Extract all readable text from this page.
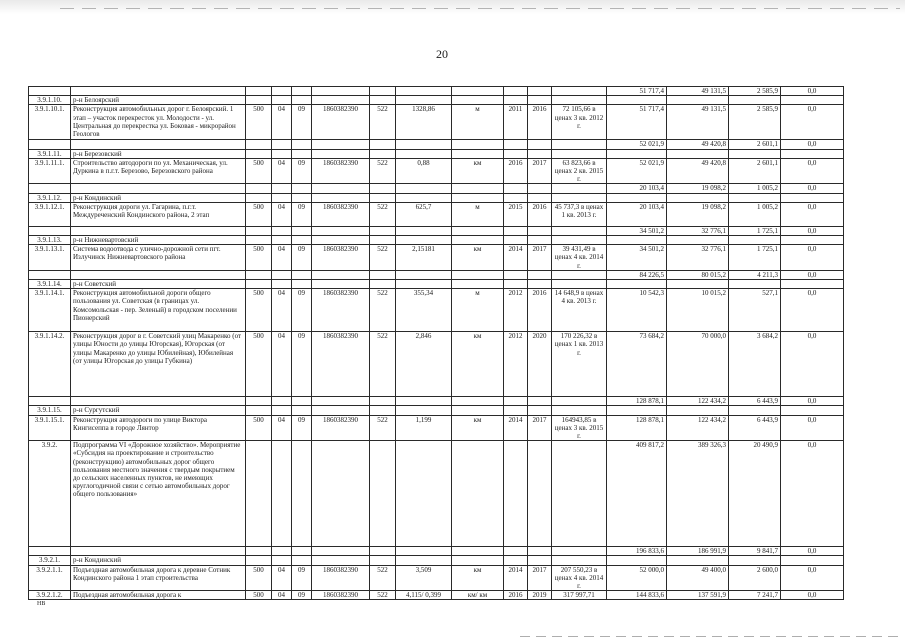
20
												51 717,4	49 131,5	2 585,9	0,0
3.9.1.10.	р-н Белоярский														
3.9.1.10.1.	Реконструкция автомобильных дорог г. Белоярский. 1 этап – участок перекресток ул. Молодости - ул. Центральная до перекрестка ул. Боковая - микрорайон Геологов	500	04	09	1860382390	522	1328,86	м	2011	2016	72 105,66 в ценах 3 кв. 2012 г.	51 717,4	49 131,5	2 585,9	0,0
												52 021,9	49 420,8	2 601,1	0,0
3.9.1.11.	р-н Березовский														
3.9.1.11.1.	Строительство автодороги по ул. Механическая, ул. Дуркина в п.г.т. Березово, Березовского района	500	04	09	1860382390	522	0,88	км	2016	2017	63 823,66 в ценах 2 кв. 2015 г.	52 021,9	49 420,8	2 601,1	0,0
												20 103,4	19 098,2	1 005,2	0,0
3.9.1.12.	р-н Кондинский														
3.9.1.12.1.	Реконструкция дороги ул. Гагарина, п.г.т. Междуреченский Кондинского района, 2 этап	500	04	09	1860382390	522	625,7	м	2015	2016	45 737,3 в ценах 1 кв. 2013 г.	20 103,4	19 098,2	1 005,2	0,0
												34 501,2	32 776,1	1 725,1	0,0
3.9.1.13.	р-н Нижневартовский														
3.9.1.13.1.	Система водоотвода с улично-дорожной сети пгт. Излучинск Нижневартовского района	500	04	09	1860382390	522	2,15181	км	2014	2017	39 431,49 в ценах 4 кв. 2014 г.	34 501,2	32 776,1	1 725,1	0,0
												84 226,5	80 015,2	4 211,3	0,0
3.9.1.14.	р-н Советский														
3.9.1.14.1.	Реконструкция автомобильной дороги общего пользования ул. Советская (в границах ул. Комсомольская - пер. Зеленый) в городском поселении Пионерский	500	04	09	1860382390	522	355,34	м	2012	2016	14 648,9 в ценах 4 кв. 2013 г.	10 542,3	10 015,2	527,1	0,0
3.9.1.14.2.	Реконструкция дорог в г. Советский улиц Макаренко (от улицы Юности до улицы Югорская), Югорская (от улицы Макаренко до улицы Юбилейная), Юбилейная (от улицы Югорская до улицы Губкина)	500	04	09	1860382390	522	2,846	км	2012	2020	170 226,32 в ценах 1 кв. 2013 г.	73 684,2	70 000,0	3 684,2	0,0
												128 878,1	122 434,2	6 443,9	0,0
3.9.1.15.	р-н Сургутский														
3.9.1.15.1.	Реконструкция автодороги по улице Виктора Кингисеппа в городе Лянтор	500	04	09	1860382390	522	1,199	км	2014	2017	164943,85 в ценах 3 кв. 2015 г.	128 878,1	122 434,2	6 443,9	0,0
3.9.2.	Подпрограмма VI «Дорожное хозяйство». Мероприятие «Субсидия на проектирование и строительство (реконструкцию) автомобильных дорог общего пользования местного значения с твердым покрытием до сельских населенных пунктов, не имеющих круглогодичной связи с сетью автомобильных дорог общего пользования»											409 817,2	389 326,3	20 490,9	0,0
												196 833,6	186 991,9	9 841,7	0,0
3.9.2.1.	р-н Кондинский														
3.9.2.1.1.	Подъездная автомобильная дорога к деревне Сотник Кондинского района 1 этап строительства	500	04	09	1860382390	522	3,509	км	2014	2017	207 550,23 в ценах 4 кв. 2014 г.	52 000,0	49 400,0	2 600,0	0,0
3.9.2.1.2.	Подъездная автомобильная дорога к	500	04	09	1860382390	522	4,115/ 0,399	км/ км	2016	2019	317 997,71	144 833,6	137 591,9	7 241,7	0,0
HB
